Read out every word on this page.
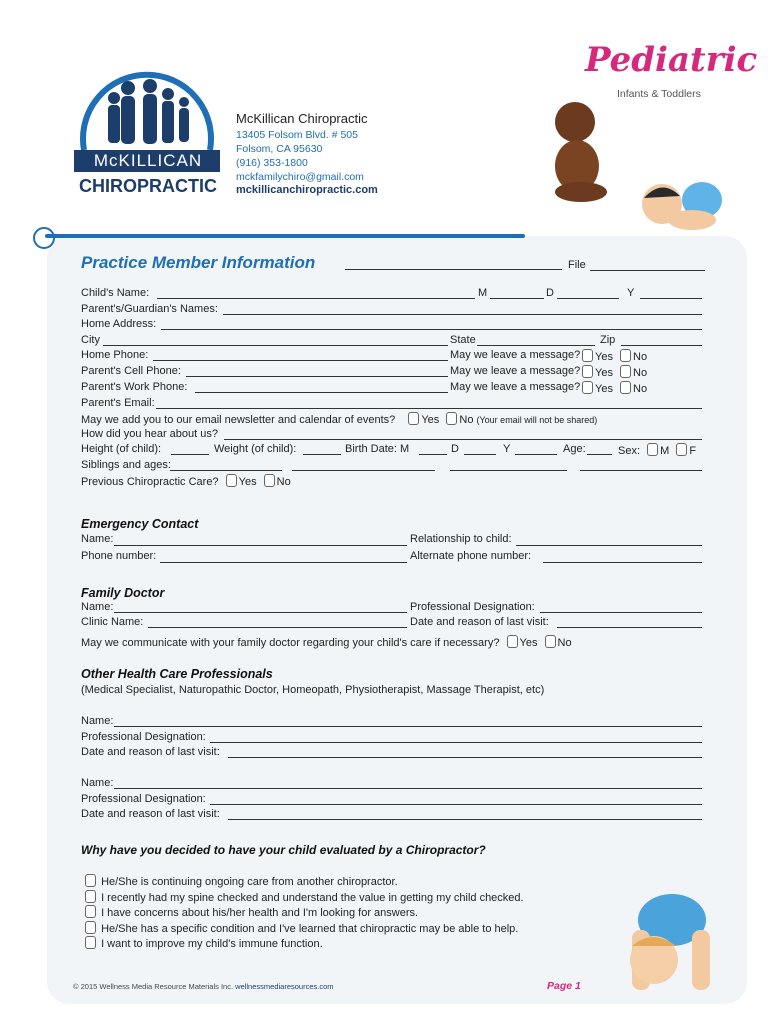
McKILLICAN
CHIROPRACTIC
McKillican Chiropractic
13405 Folsom Blvd. # 505
Folsom, CA 95630
(916) 353-1800
mckfamilychiro@gmail.com
mckillicanchiropractic.com
Pediatric
Infants & Toddlers
Practice Member Information	File
Child's Name:	M	D	Y
Parent's/Guardian's Names:
Home Address:
City	State	Zip
Home Phone:	May we leave a message?	Yes No
Parent's Cell Phone:	May we leave a message?	Yes No
Parent's Work Phone:	May we leave a message?	Yes No
Parent's Email:
May we add you to our email newsletter and calendar of events? Yes No (Your email will not be shared)
How did you hear about us?
Height (of child):	Weight (of child):	Birth Date: M	D	Y	Age:	Sex: M F
Siblings and ages:
Previous Chiropractic Care? Yes No
Emergency Contact
Name:	Relationship to child:
Phone number:	Alternate phone number:
Family Doctor
Name:	Professional Designation:
Clinic Name:	Date and reason of last visit:
May we communicate with your family doctor regarding your child's care if necessary? Yes No
Other Health Care Professionals
(Medical Specialist, Naturopathic Doctor, Homeopath, Physiotherapist, Massage Therapist, etc)
Name:
Professional Designation:
Date and reason of last visit:
Name:
Professional Designation:
Date and reason of last visit:
Why have you decided to have your child evaluated by a Chiropractor?
He/She is continuing ongoing care from another chiropractor.
I recently had my spine checked and understand the value in getting my child checked.
I have concerns about his/her health and I'm looking for answers.
He/She has a specific condition and I've learned that chiropractic may be able to help.
I want to improve my child's immune function.
© 2015 Wellness Media Resource Materials Inc. wellnessmediaresources.com	Page 1
